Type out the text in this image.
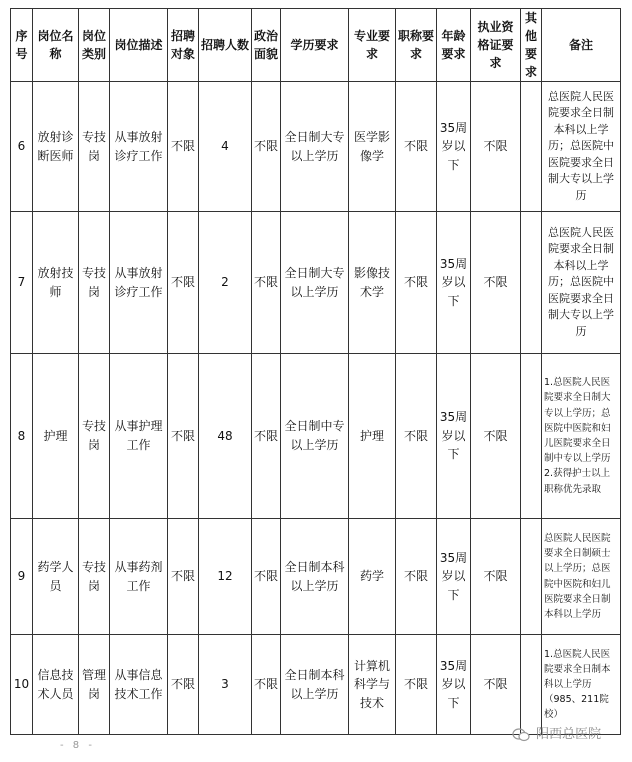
序号	岗位名称	岗位类别	岗位描述	招聘对象	招聘人数	政治面貌	学历要求	专业要求	职称要求	年龄要求	执业资格证要求	其他要求	备注

6	放射诊断医师	专技岗	从事放射诊疗工作	不限	4	不限	全日制大专以上学历	医学影像学	不限	35周岁以下	不限		总医院人民医院要求全日制本科以上学历；总医院中医院要求全日制大专以上学历

7	放射技师	专技岗	从事放射诊疗工作	不限	2	不限	全日制大专以上学历	影像技术学	不限	35周岁以下	不限		总医院人民医院要求全日制本科以上学历；总医院中医院要求全日制大专以上学历

8	护理	专技岗	从事护理工作	不限	48	不限	全日制中专以上学历	护理	不限	35周岁以下	不限		1.总医院人民医院要求全日制大专以上学历；总医院中医院和妇儿医院要求全日制中专以上学历 2.获得护士以上职称优先录取
9	药学人员	专技岗	从事药剂工作	不限	12	不限	全日制本科以上学历	药学	不限	35周岁以下	不限		总医院人民医院要求全日制硕士以上学历；总医院中医院和妇儿医院要求全日制本科以上学历
10	信息技术人员	管理岗	从事信息技术工作	不限	3	不限	全日制本科以上学历	计算机科学与技术	不限	35周岁以下	不限		1.总医院人民医院要求全日制本科以上学历（985、211院校）
阳西总医院
- 8 -
